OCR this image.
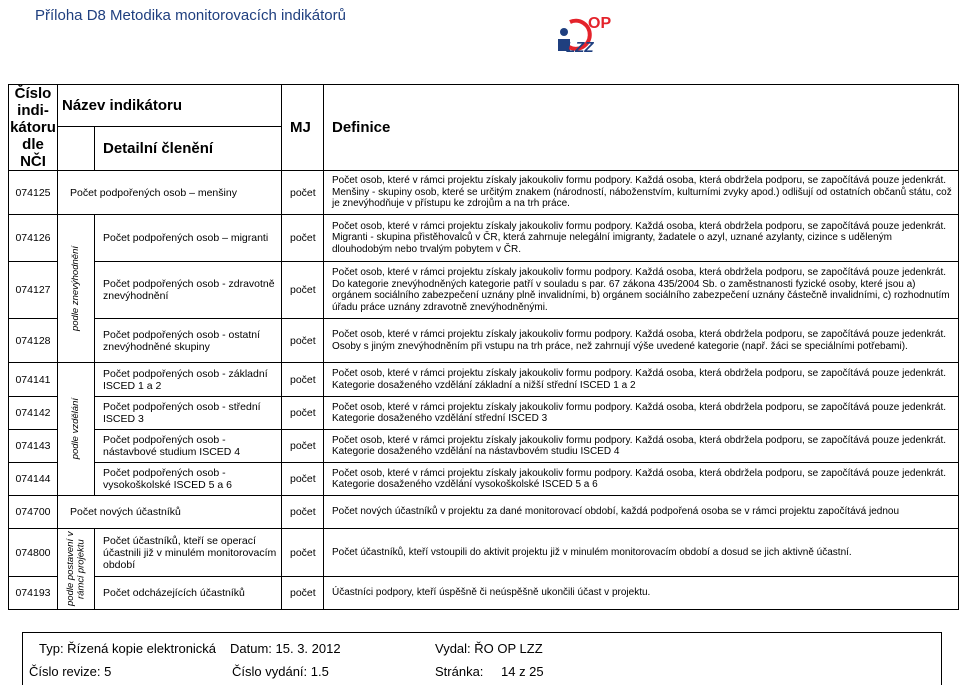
Příloha D8 Metodika monitorovacích indikátorů	OP
LZZ
Číslo indi-kátoru dle NČI	Název indikátoru		MJ	Definice
		Detailní členění		
074125	Počet podpořených osob – menšiny		počet	Počet osob, které v rámci projektu získaly jakoukoliv formu podpory. Každá osoba, která obdržela podporu, se započítává pouze jedenkrát. Menšiny - skupiny osob, které se určitým znakem (národností, náboženstvím, kulturními zvyky apod.) odlišují od ostatních občanů státu, což je znevýhodňuje v přístupu ke zdrojům a na trh práce.
074126	podle znevýhodnění	Počet podpořených osob – migranti	počet	Počet osob, které v rámci projektu získaly jakoukoliv formu podpory. Každá osoba, která obdržela podporu, se započítává pouze jedenkrát. Migranti - skupina přistěhovalců v ČR, která zahrnuje nelegální imigranty, žadatele o azyl, uznané azylanty, cizince s uděleným dlouhodobým nebo trvalým pobytem v ČR.
074127		Počet podpořených osob - zdravotně znevýhodnění	počet	Počet osob, které v rámci projektu získaly jakoukoliv formu podpory. Každá osoba, která obdržela podporu, se započítává pouze jedenkrát. Do kategorie znevýhodněných kategorie patří v souladu s par. 67 zákona 435/2004 Sb. o zaměstnanosti fyzické osoby, které jsou a) orgánem sociálního zabezpečení uznány plně invalidními, b) orgánem sociálního zabezpečení uznány částečně invalidními, c) rozhodnutím úřadu práce uznány zdravotně znevýhodněnými.
074128		Počet podpořených osob - ostatní znevýhodněné skupiny	počet	Počet osob, které v rámci projektu získaly jakoukoliv formu podpory. Každá osoba, která obdržela podporu, se započítává pouze jedenkrát. Osoby s jiným znevýhodněním při vstupu na trh práce, než zahrnují výše uvedené kategorie (např. žáci se speciálními potřebami).
074141	podle vzdělání	Počet podpořených osob - základní ISCED 1 a 2	počet	Počet osob, které v rámci projektu získaly jakoukoliv formu podpory. Každá osoba, která obdržela podporu, se započítává pouze jedenkrát. Kategorie dosaženého vzdělání základní a nižší střední ISCED 1 a 2
074142		Počet podpořených osob - střední ISCED 3	počet	Počet osob, které v rámci projektu získaly jakoukoliv formu podpory. Každá osoba, která obdržela podporu, se započítává pouze jedenkrát. Kategorie dosaženého vzdělání střední ISCED 3
074143		Počet podpořených osob - nástavbové studium ISCED 4	počet	Počet osob, které v rámci projektu získaly jakoukoliv formu podpory. Každá osoba, která obdržela podporu, se započítává pouze jedenkrát. Kategorie dosaženého vzdělání na nástavbovém studiu ISCED 4
074144		Počet podpořených osob - vysokoškolské ISCED 5 a 6	počet	Počet osob, které v rámci projektu získaly jakoukoliv formu podpory. Každá osoba, která obdržela podporu, se započítává pouze jedenkrát. Kategorie dosaženého vzdělání vysokoškolské ISCED 5 a 6
074700	Počet nových účastníků		počet	Počet nových účastníků v projektu za dané monitorovací období, každá podpořená osoba se v rámci projektu započítává jednou
074800	podle postavení v rámci projektu	Počet účastníků, kteří se operací účastnili již v minulém monitorovacím období	počet	Počet účastníků, kteří vstoupili do aktivit projektu již v minulém monitorovacím období a dosud se jich aktivně účastní.
074193		Počet odcházejících účastníků	počet	Účastníci podpory, kteří úspěšně či neúspěšně ukončili účast v projektu.
Typ: Řízená kopie elektronická Datum: 15. 3. 2012	Vydal: ŘO OP LZZ
Číslo revize: 5	Číslo vydání: 1.5	Stránka: 14 z 25
